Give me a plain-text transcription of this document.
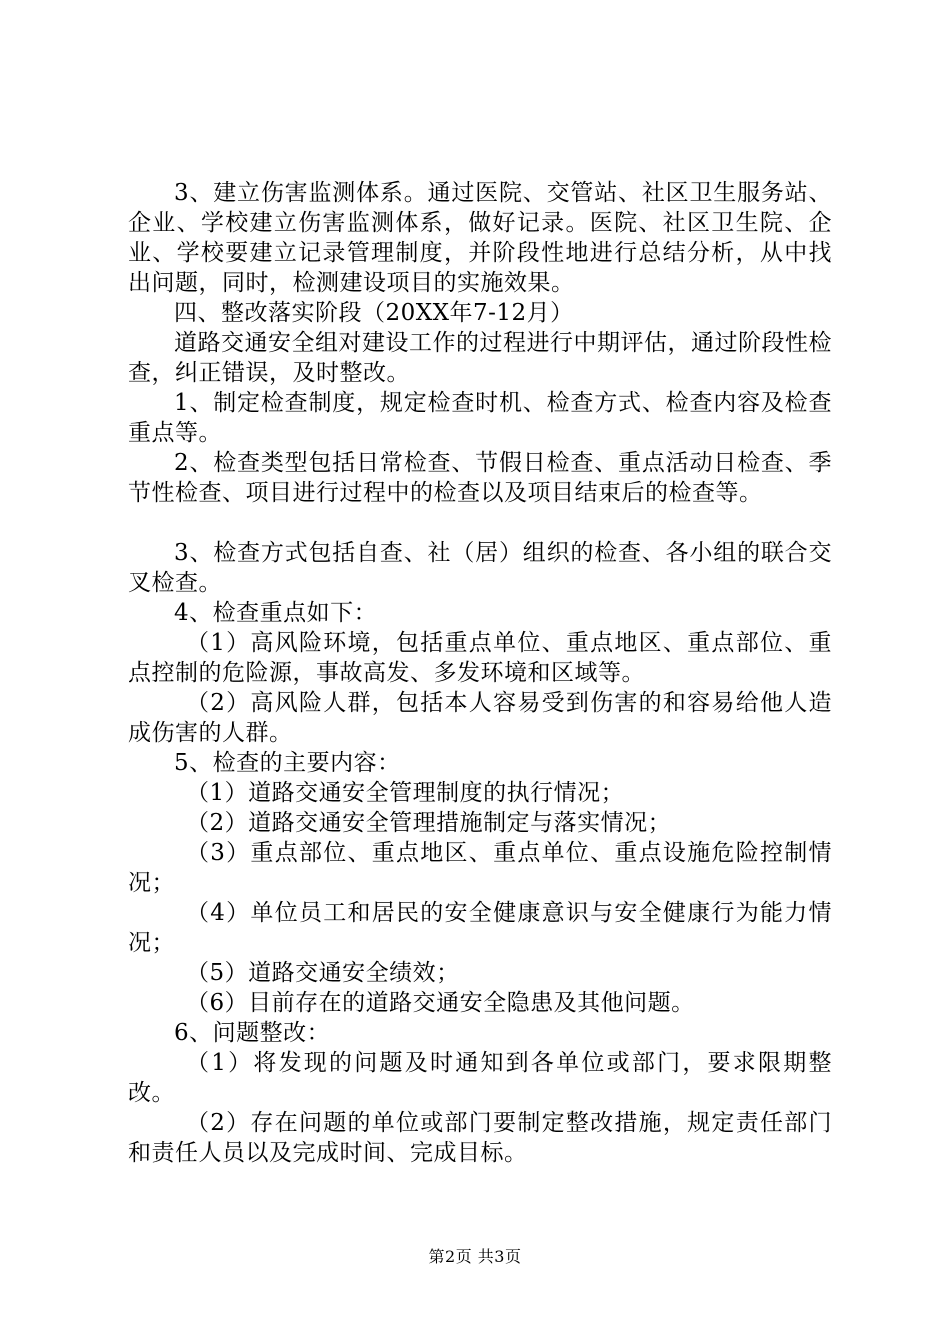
3、建立伤害监测体系。通过医院、交管站、社区卫生服务站、企业、学校建立伤害监测体系，做好记录。医院、社区卫生院、企业、学校要建立记录管理制度，并阶段性地进行总结分析，从中找出问题，同时，检测建设项目的实施效果。

四、整改落实阶段（20XX年7-12月）

道路交通安全组对建设工作的过程进行中期评估，通过阶段性检查，纠正错误，及时整改。

1、制定检查制度，规定检查时机、检查方式、检查内容及检查重点等。

2、检查类型包括日常检查、节假日检查、重点活动日检查、季节性检查、项目进行过程中的检查以及项目结束后的检查等。

3、检查方式包括自查、社（居）组织的检查、各小组的联合交叉检查。

4、检查重点如下：

（1）高风险环境，包括重点单位、重点地区、重点部位、重点控制的危险源，事故高发、多发环境和区域等。

（2）高风险人群，包括本人容易受到伤害的和容易给他人造成伤害的人群。

5、检查的主要内容：

（1）道路交通安全管理制度的执行情况；

（2）道路交通安全管理措施制定与落实情况；

（3）重点部位、重点地区、重点单位、重点设施危险控制情况；

（4）单位员工和居民的安全健康意识与安全健康行为能力情况；

（5）道路交通安全绩效；

（6）目前存在的道路交通安全隐患及其他问题。

6、问题整改：

（1）将发现的问题及时通知到各单位或部门，要求限期整改。

（2）存在问题的单位或部门要制定整改措施，规定责任部门和责任人员以及完成时间、完成目标。

第2页 共3页
